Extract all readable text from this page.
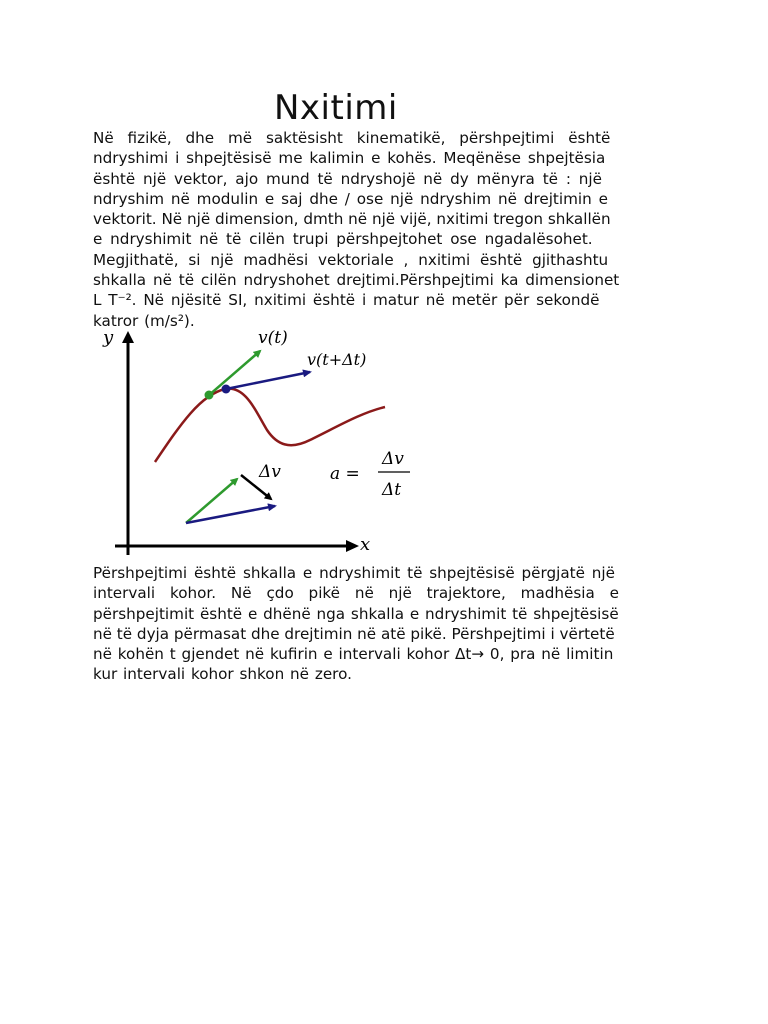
Nxitimi
Në fizikë, dhe më saktësisht kinematikë, përshpejtimi është
ndryshimi i shpejtësisë me kalimin e kohës. Meqënëse shpejtësia
është një vektor, ajo mund të ndryshojë në dy mënyra të : një
ndryshim në modulin e saj dhe / ose një ndryshim në drejtimin e
vektorit. Në një dimension, dmth në një vijë, nxitimi tregon shkallën
e ndryshimit në të cilën trupi përshpejtohet ose ngadalësohet.
Megjithatë, si një madhësi vektoriale , nxitimi është gjithashtu
shkalla në të cilën ndryshohet drejtimi.Përshpejtimi ka dimensionet
L T⁻². Në njësitë SI, nxitimi është i matur në metër për sekondë
katror (m/s²).
y
x
v(t)
v(t+Δt)
Δv	a =
Δv
Δt
Përshpejtimi është shkalla e ndryshimit të shpejtësisë përgjatë një
intervali kohor. Në çdo pikë në një trajektore, madhësia e
përshpejtimit është e dhënë nga shkalla e ndryshimit të shpejtësisë
në të dyja përmasat dhe drejtimin në atë pikë. Përshpejtimi i vërtetë
në kohën t gjendet në kufirin e intervali kohor Δt→ 0, pra në limitin
kur intervali kohor shkon në zero.
